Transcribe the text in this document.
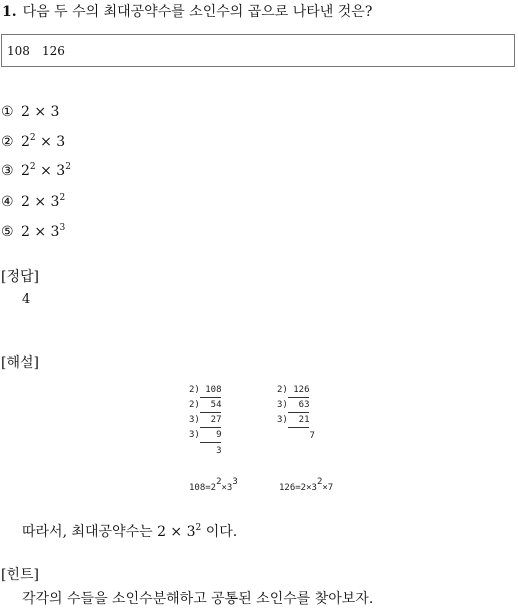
1. 다음 두 수의 최대공약수를 소인수의 곱으로 나타낸 것은?
108 126
① 2 × 3
② $2^2 \times 3$
③ $2^2 \times 3^2$
④ $2 \times 3^2$
⑤ $2 \times 3^3$
[정답]
4
[해설]
2) 108
2)  54
3)  27
3)   9
3
2) 126
3)  63
3)  21
7
$108=2^2\times 3^3$
$126=2\times 3^2\times 7$
따라서, 최대공약수는 $2 \times 3^2$ 이다.
[힌트]
각각의 수들을 소인수분해하고 공통된 소인수를 찾아보자.
